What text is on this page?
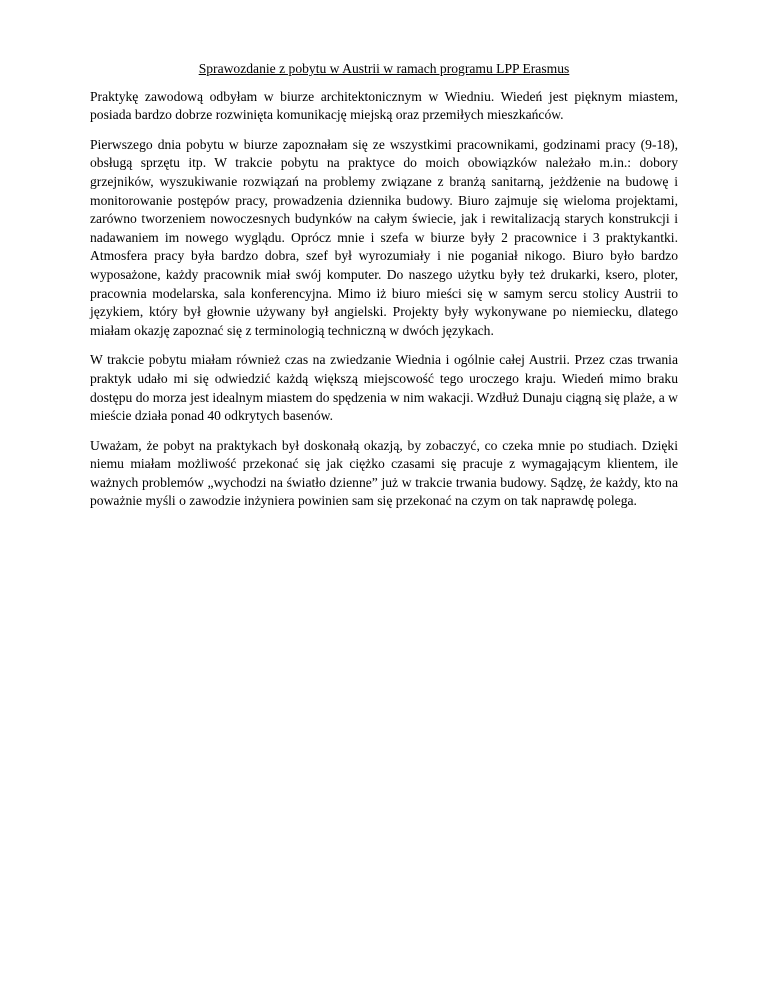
Sprawozdanie z pobytu w Austrii w ramach programu LPP Erasmus

Praktykę zawodową odbyłam w biurze architektonicznym w Wiedniu. Wiedeń jest pięknym miastem, posiada bardzo dobrze rozwinięta komunikację miejską oraz przemiłych mieszkańców.

Pierwszego dnia pobytu w biurze zapoznałam się ze wszystkimi pracownikami, godzinami pracy (9-18), obsługą sprzętu itp. W trakcie pobytu na praktyce do moich obowiązków należało m.in.: dobory grzejników, wyszukiwanie rozwiązań na problemy związane z branżą sanitarną, jeżdżenie na budowę i monitorowanie postępów pracy, prowadzenia dziennika budowy. Biuro zajmuje się wieloma projektami, zarówno tworzeniem nowoczesnych budynków na całym świecie, jak i rewitalizacją starych konstrukcji i nadawaniem im nowego wyglądu. Oprócz mnie i szefa w biurze były 2 pracownice i 3 praktykantki. Atmosfera pracy była bardzo dobra, szef był wyrozumiały i nie poganiał nikogo. Biuro było bardzo wyposażone, każdy pracownik miał swój komputer. Do naszego użytku były też drukarki, ksero, ploter, pracownia modelarska, sala konferencyjna. Mimo iż biuro mieści się w samym sercu stolicy Austrii to językiem, który był głownie używany był angielski. Projekty były wykonywane po niemiecku, dlatego miałam okazję zapoznać się z terminologią techniczną w dwóch językach.

W trakcie pobytu miałam również czas na zwiedzanie Wiednia i ogólnie całej Austrii. Przez czas trwania praktyk udało mi się odwiedzić każdą większą miejscowość tego uroczego kraju. Wiedeń mimo braku dostępu do morza jest idealnym miastem do spędzenia w nim wakacji. Wzdłuż Dunaju ciągną się plaże, a w mieście działa ponad 40 odkrytych basenów.

Uważam, że pobyt na praktykach był doskonałą okazją, by zobaczyć, co czeka mnie po studiach. Dzięki niemu miałam możliwość przekonać się jak ciężko czasami się pracuje z wymagającym klientem, ile ważnych problemów „wychodzi na światło dzienne” już w trakcie trwania budowy. Sądzę, że każdy, kto na poważnie myśli o zawodzie inżyniera powinien sam się przekonać na czym on tak naprawdę polega.
